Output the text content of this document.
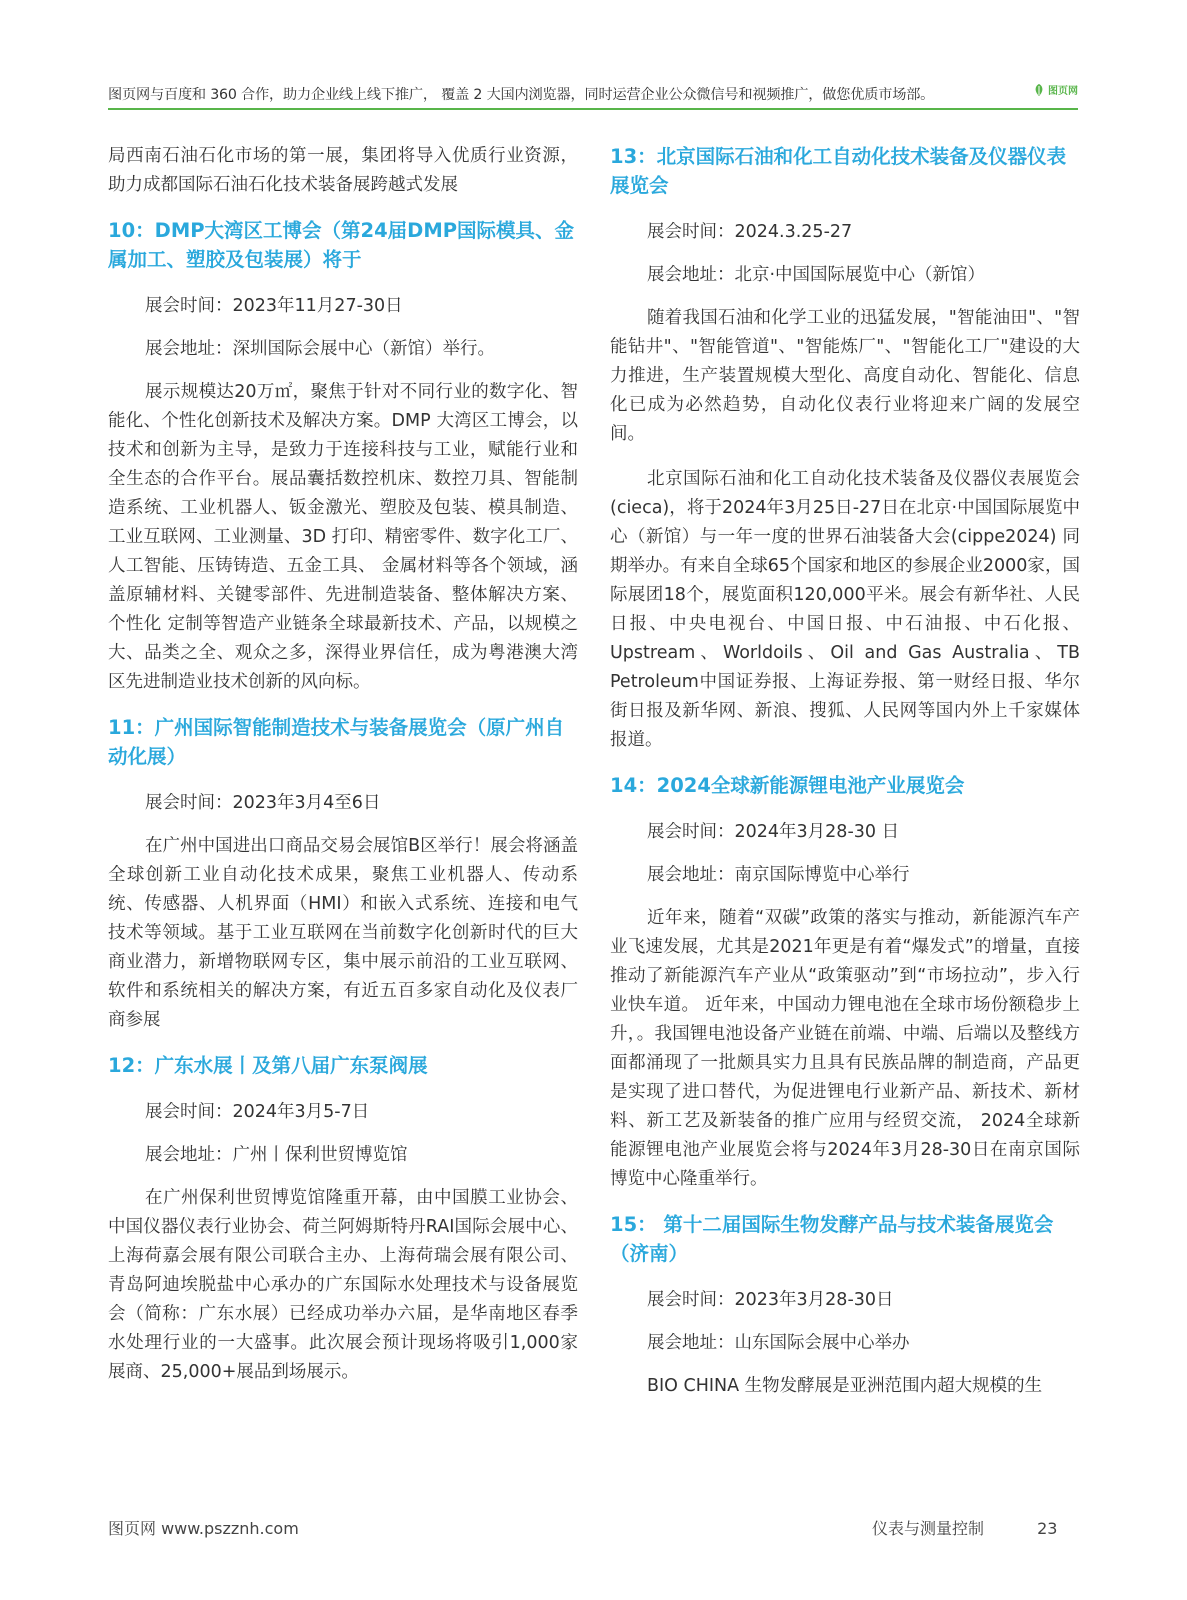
图页网与百度和 360 合作，助力企业线上线下推广， 覆盖 2 大国内浏览器，同时运营企业公众微信号和视频推广，做您优质市场部。	图页网

局西南石油石化市场的第一展，集团将导入优质行业资源，助力成都国际石油石化技术装备展跨越式发展

10：DMP大湾区工博会（第24届DMP国际模具、金属加工、塑胶及包装展）将于

展会时间：2023年11月27-30日

展会地址：深圳国际会展中心（新馆）举行。

展示规模达20万㎡，聚焦于针对不同行业的数字化、智能化、个性化创新技术及解决方案。DMP 大湾区工博会，以技术和创新为主导，是致力于连接科技与工业，赋能行业和全生态的合作平台。展品囊括数控机床、数控刀具、智能制造系统、工业机器人、钣金激光、塑胶及包装、模具制造、 工业互联网、工业测量、3D 打印、精密零件、数字化工厂、人工智能、压铸铸造、五金工具、 金属材料等各个领域，涵盖原辅材料、关键零部件、先进制造装备、整体解决方案、个性化 定制等智造产业链条全球最新技术、产品，以规模之大、品类之全、观众之多，深得业界信任，成为粤港澳大湾区先进制造业技术创新的风向标。

11：广州国际智能制造技术与装备展览会（原广州自动化展）

展会时间：2023年3月4至6日

在广州中国进出口商品交易会展馆B区举行！展会将涵盖全球创新工业自动化技术成果，聚焦工业机器人、传动系统、传感器、人机界面（HMI）和嵌入式系统、连接和电气技术等领域。基于工业互联网在当前数字化创新时代的巨大商业潜力，新增物联网专区，集中展示前沿的工业互联网、软件和系统相关的解决方案，有近五百多家自动化及仪表厂商参展

12：广东水展丨及第八届广东泵阀展

展会时间：2024年3月5-7日

展会地址：广州丨保利世贸博览馆

在广州保利世贸博览馆隆重开幕，由中国膜工业协会、中国仪器仪表行业协会、荷兰阿姆斯特丹RAI国际会展中心、上海荷嘉会展有限公司联合主办、上海荷瑞会展有限公司、青岛阿迪埃脱盐中心承办的广东国际水处理技术与设备展览会（简称：广东水展）已经成功举办六届，是华南地区春季水处理行业的一大盛事。此次展会预计现场将吸引1,000家展商、25,000+展品到场展示。

13：北京国际石油和化工自动化技术装备及仪器仪表展览会

展会时间：2024.3.25-27

展会地址：北京·中国国际展览中心（新馆）

随着我国石油和化学工业的迅猛发展，"智能油田"、"智能钻井"、"智能管道"、"智能炼厂"、"智能化工厂"建设的大力推进，生产装置规模大型化、高度自动化、智能化、信息化已成为必然趋势，自动化仪表行业将迎来广阔的发展空间。

北京国际石油和化工自动化技术装备及仪器仪表展览会(cieca)，将于2024年3月25日-27日在北京·中国国际展览中心（新馆）与一年一度的世界石油装备大会(cippe2024) 同期举办。有来自全球65个国家和地区的参展企业2000家，国际展团18个，展览面积120,000平米。展会有新华社、人民日报、中央电视台、中国日报、中石油报、中石化报、Upstream、Worldoils、Oil and Gas Australia、TB Petroleum中国证券报、上海证券报、第一财经日报、华尔街日报及新华网、新浪、搜狐、人民网等国内外上千家媒体报道。

14：2024全球新能源锂电池产业展览会

展会时间：2024年3月28-30 日

展会地址：南京国际博览中心举行

近年来，随着“双碳”政策的落实与推动，新能源汽车产业飞速发展，尤其是2021年更是有着“爆发式”的增量，直接推动了新能源汽车产业从“政策驱动”到“市场拉动”，步入行业快车道。 近年来，中国动力锂电池在全球市场份额稳步上升，。我国锂电池设备产业链在前端、中端、后端以及整线方面都涌现了一批颇具实力且具有民族品牌的制造商，产品更是实现了进口替代，为促进锂电行业新产品、新技术、新材料、新工艺及新装备的推广应用与经贸交流， 2024全球新能源锂电池产业展览会将与2024年3月28-30日在南京国际博览中心隆重举行。

15： 第十二届国际生物发酵产品与技术装备展览会（济南）

展会时间：2023年3月28-30日

展会地址：山东国际会展中心举办

BIO CHINA 生物发酵展是亚洲范围内超大规模的生

图页网 www.pszznh.com	仪表与测量控制	23
